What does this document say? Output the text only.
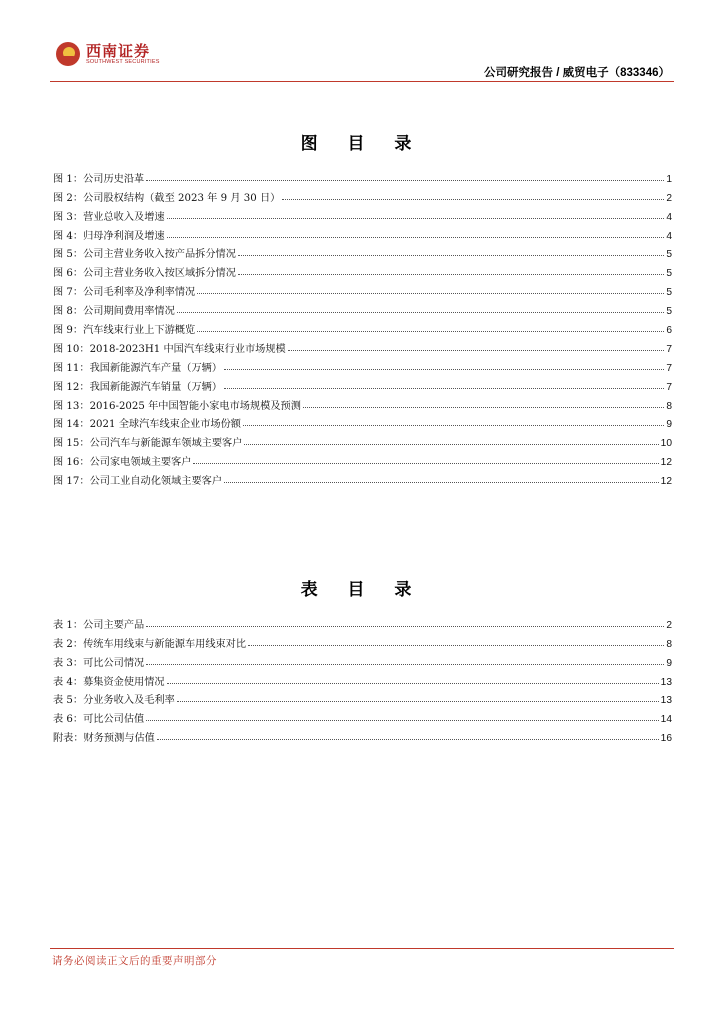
西南证券
SOUTHWEST SECURITIES
公司研究报告 / 威贸电子（833346）
图 目 录
图 1：公司历史沿革	1
图 2：公司股权结构（截至 2023 年 9 月 30 日）	2
图 3：营业总收入及增速	4
图 4：归母净利润及增速	4
图 5：公司主营业务收入按产品拆分情况	5
图 6：公司主营业务收入按区域拆分情况	5
图 7：公司毛利率及净利率情况	5
图 8：公司期间费用率情况	5
图 9：汽车线束行业上下游概览	6
图 10：2018-2023H1 中国汽车线束行业市场规模	7
图 11：我国新能源汽车产量（万辆）	7
图 12：我国新能源汽车销量（万辆）	7
图 13：2016-2025 年中国智能小家电市场规模及预测	8
图 14：2021 全球汽车线束企业市场份额	9
图 15：公司汽车与新能源车领域主要客户	10
图 16：公司家电领域主要客户	12
图 17：公司工业自动化领域主要客户	12
表 目 录
表 1：公司主要产品	2
表 2：传统车用线束与新能源车用线束对比	8
表 3：可比公司情况	9
表 4：募集资金使用情况	13
表 5：分业务收入及毛利率	13
表 6：可比公司估值	14
附表：财务预测与估值	16
请务必阅读正文后的重要声明部分
